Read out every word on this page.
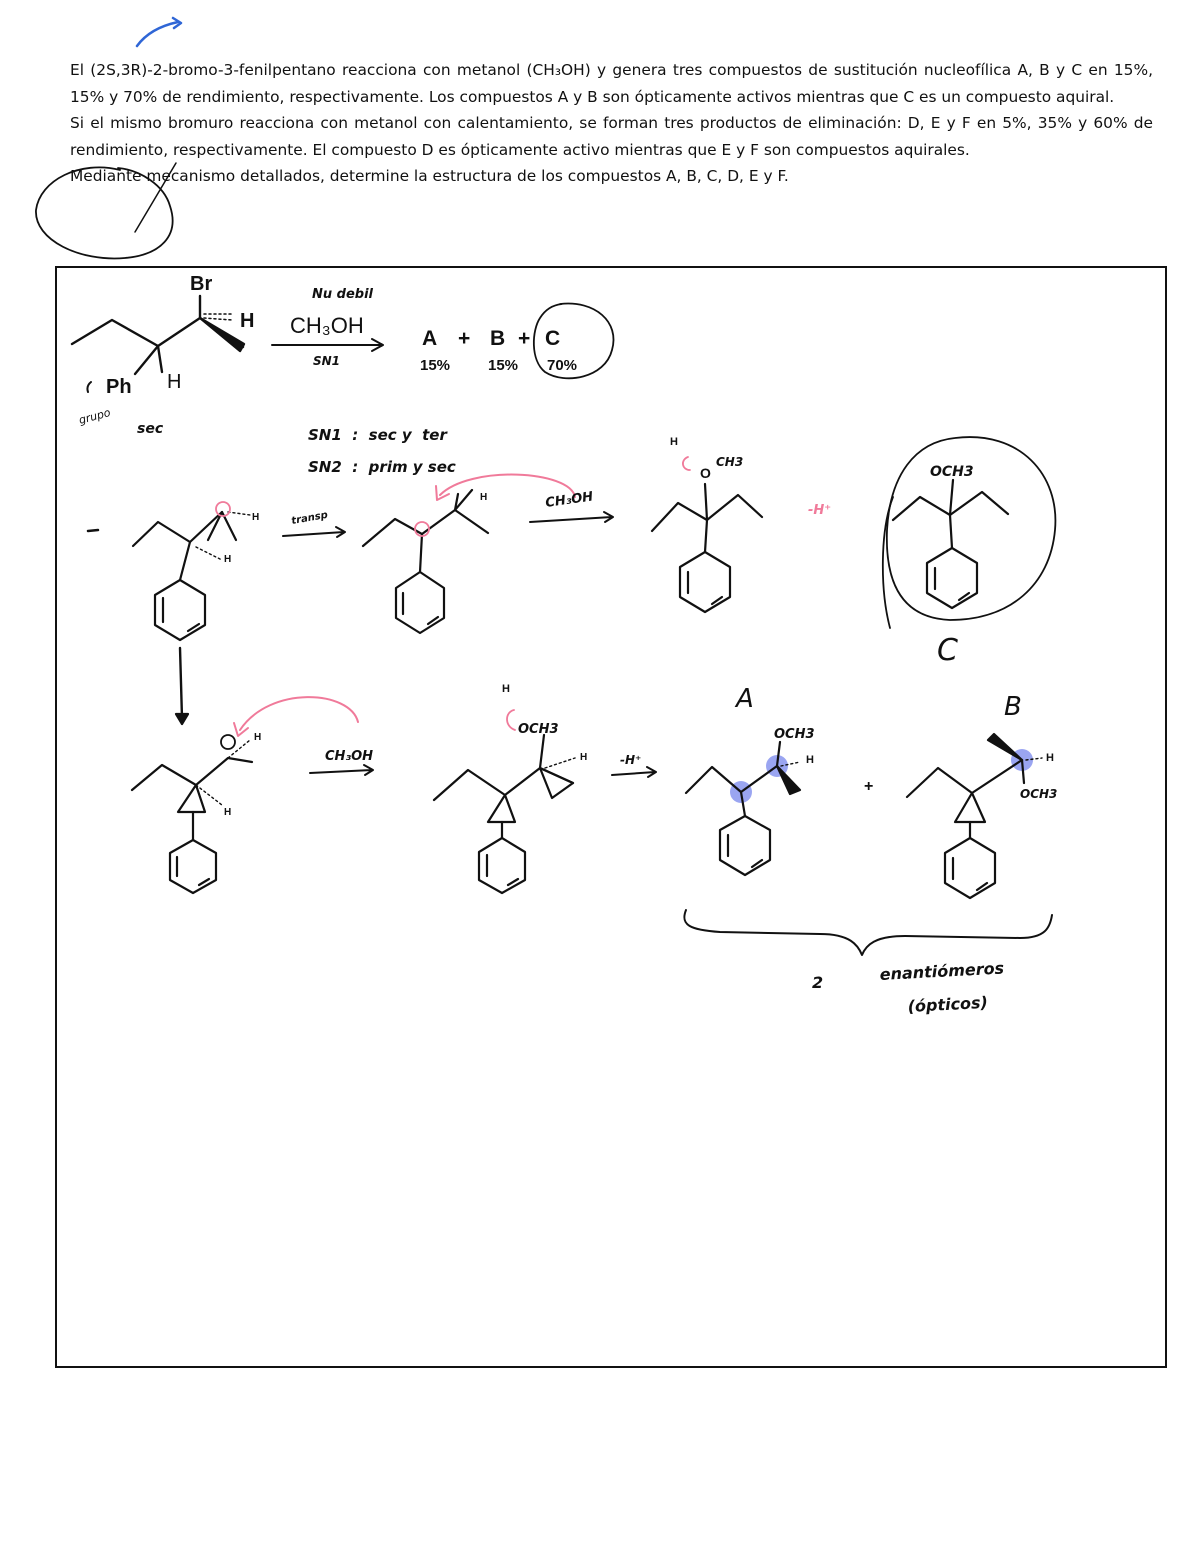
El (2S,3R)-2-bromo-3-fenilpentano reacciona con metanol (CH₃OH) y genera tres compuestos de sustitución nucleofílica A, B y C en 15%, 15% y 70% de rendimiento, respectivamente. Los compuestos A y B son ópticamente activos mientras que C es un compuesto aquiral.

Si el mismo bromuro reacciona con metanol con calentamiento, se forman tres productos de eliminación: D, E y F en 5%, 35% y 60% de rendimiento, respectivamente. El compuesto D es ópticamente activo mientras que E y F son compuestos aquirales.

Mediante mecanismo detallados, determine la estructura de los compuestos A, B, C, D, E y F.

Br
H
Ph H
grupo
sec
Nu debil
CH₃OH
SN1
A + B + C
15%	15% 70%
SN1  :  sec y  ter
SN2  :  prim y sec
H
H	transp
H	CH₃OH
O
CH3
H
-H⁺
OCH3
C
H
H
CH₃OH	H
OCH3
H
-H⁺
A
OCH3
H
+
B
H
OCH3
2	enantiómeros
(ópticos)
